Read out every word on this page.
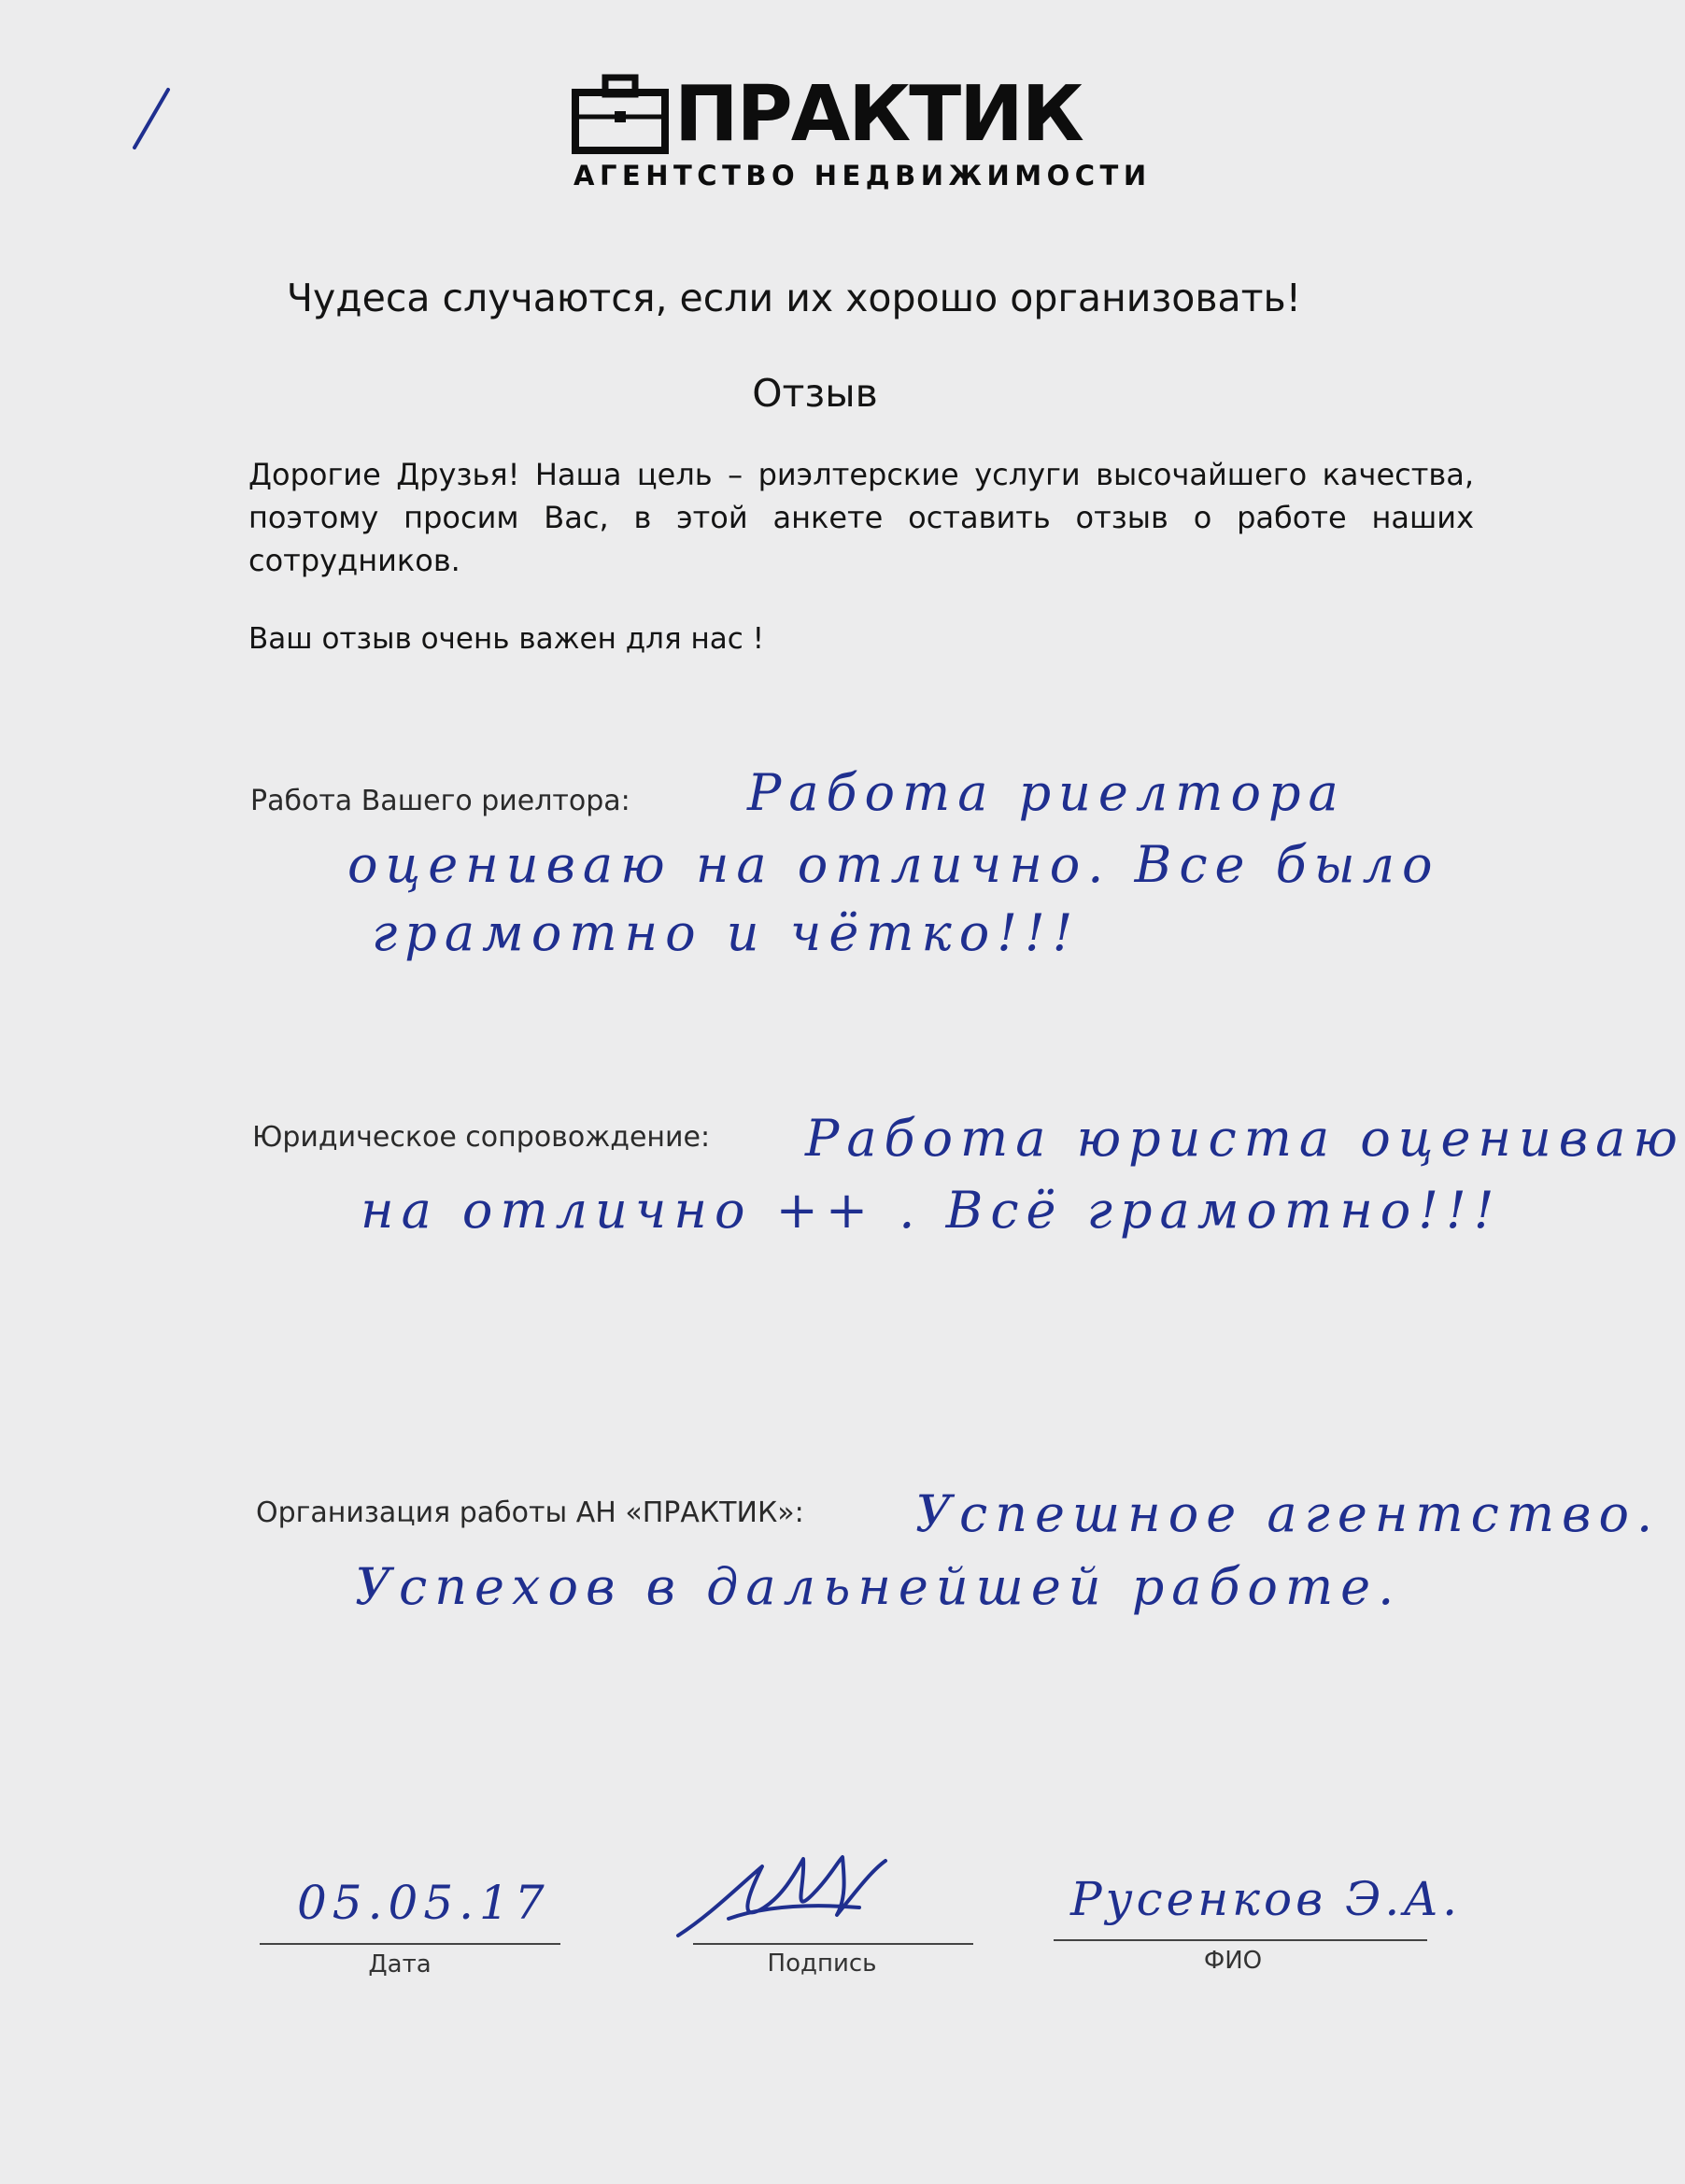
ПРАКТИК
АГЕНТСТВО НЕДВИЖИМОСТИ
Чудеса случаются, если их хорошо организовать!
Отзыв
Дорогие Друзья! Наша цель – риэлтерские услуги высочайшего качества, поэтому просим Вас, в этой анкете оставить отзыв о работе наших сотрудников.
Ваш отзыв очень важен для нас !
Работа Вашего риелтора: Работа риелтора
оцениваю на отлично. Все было
грамотно и чётко!!!
Юридическое сопровождение: Работа юриста оцениваю
на отлично ++ . Всё грамотно!!!
Организация работы АН «ПРАКТИК»: Успешное агентство.
Успехов в дальнейшей работе.
05.05.17
Дата	Подпись
Русенков Э.А.
ФИО
